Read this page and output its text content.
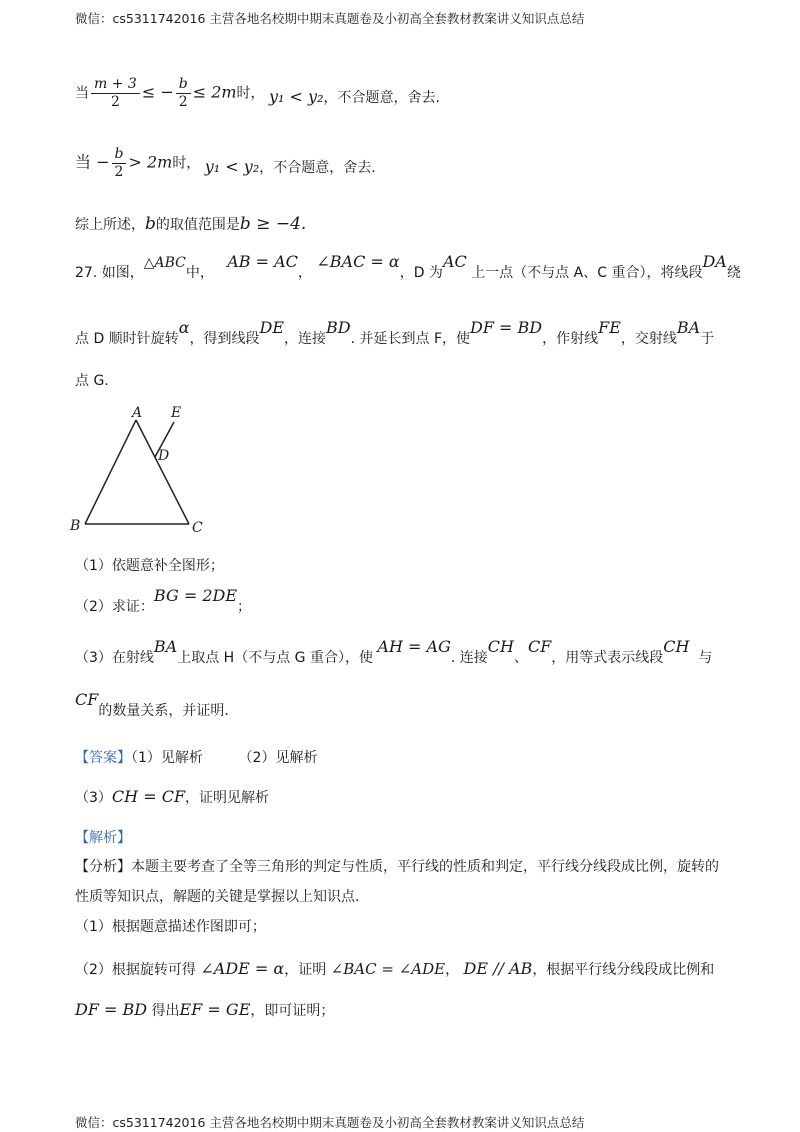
微信：cs5311742016 主营各地名校期中期末真题卷及小初高全套教材教案讲义知识点总结
当 $\frac{m + 3}{2}$ ≤ − $\frac{b}{2} \le 2m$时， y₁ < y₂，不合题意，舍去.
当 − $\frac{b}{2} > 2m$时， y₁ < y₂，不合题意，舍去.
综上所述，b的取值范围是b ≥ −4.
27. 如图，△ABC中，   AB = AC， ∠BAC = α，D 为AC 上一点（不与点 A、C 重合），将线段DA绕
点 D 顺时针旋转α，得到线段DE，连接BD. 并延长到点 F，使DF = BD，作射线FE，交射线BA于
点 G.
A E
D
B	C
（1）依题意补全图形；
（2）求证：BG = 2DE；
（3）在射线BA上取点 H（不与点 G 重合），使 AH = AG. 连接CH、CF，用等式表示线段CH  与
CF的数量关系，并证明.
【答案】（1）见解析	（2）见解析
（3）CH = CF，证明见解析
【解析】
【分析】本题主要考查了全等三角形的判定与性质，平行线的性质和判定，平行线分线段成比例，旋转的
性质等知识点，解题的关键是掌握以上知识点.
（1）根据题意描述作图即可；
（2）根据旋转可得 ∠ADE = α，证明 ∠BAC = ∠ADE， DE // AB，根据平行线分线段成比例和
DF = BD 得出EF = GE，即可证明；
微信：cs5311742016 主营各地名校期中期末真题卷及小初高全套教材教案讲义知识点总结
